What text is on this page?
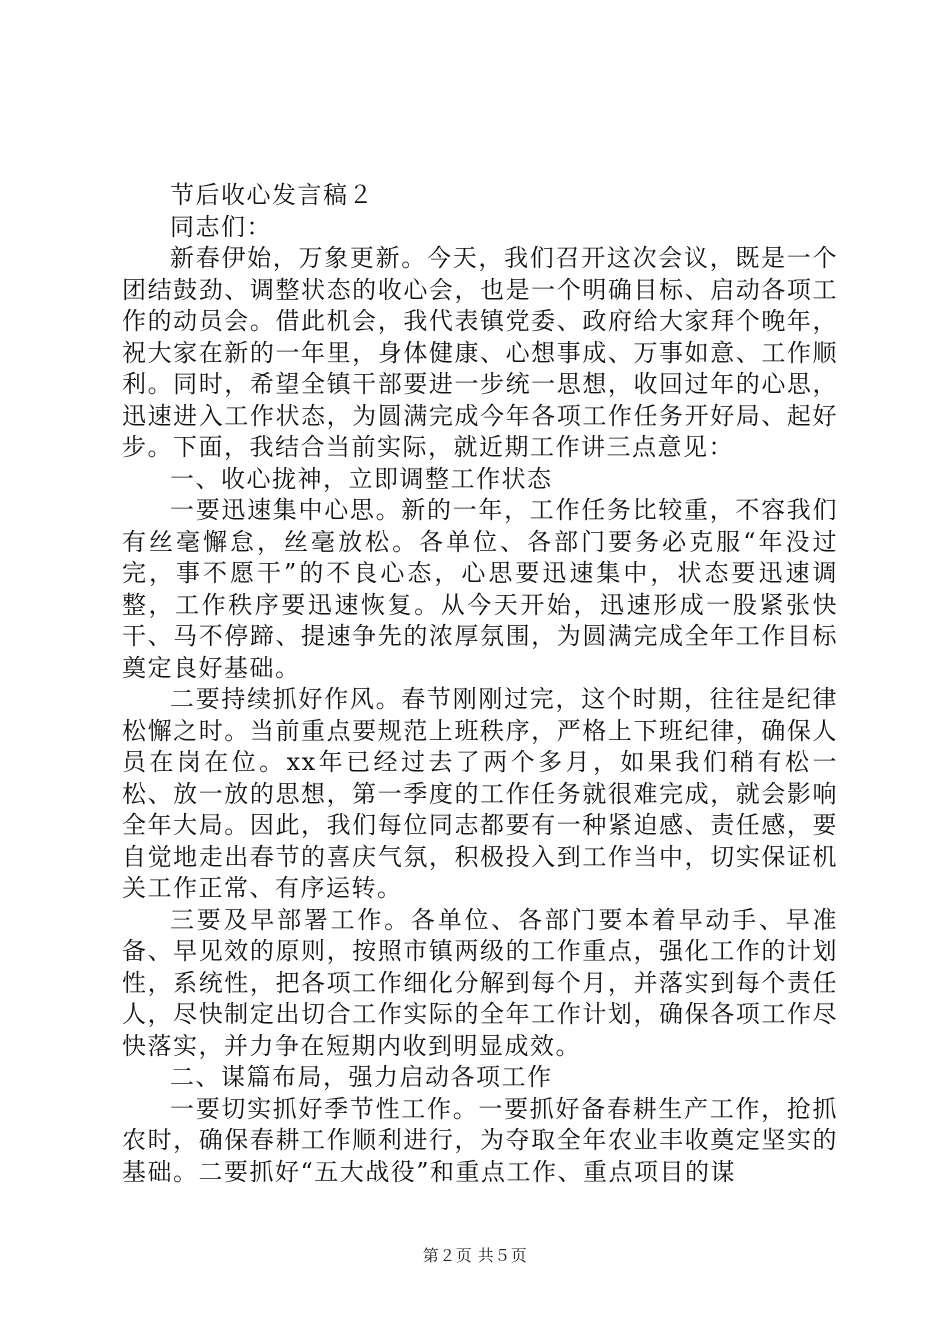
节后收心发言稿２

同志们：

新春伊始，万象更新。今天，我们召开这次会议，既是一个团结鼓劲、调整状态的收心会，也是一个明确目标、启动各项工作的动员会。借此机会，我代表镇党委、政府给大家拜个晚年，祝大家在新的一年里，身体健康、心想事成、万事如意、工作顺利。同时，希望全镇干部要进一步统一思想，收回过年的心思，迅速进入工作状态，为圆满完成今年各项工作任务开好局、起好步。下面，我结合当前实际，就近期工作讲三点意见：

一、收心拢神，立即调整工作状态

一要迅速集中心思。新的一年，工作任务比较重，不容我们有丝毫懈怠，丝毫放松。各单位、各部门要务必克服“年没过完，事不愿干”的不良心态，心思要迅速集中，状态要迅速调整，工作秩序要迅速恢复。从今天开始，迅速形成一股紧张快干、马不停蹄、提速争先的浓厚氛围，为圆满完成全年工作目标奠定良好基础。

二要持续抓好作风。春节刚刚过完，这个时期，往往是纪律松懈之时。当前重点要规范上班秩序，严格上下班纪律，确保人员在岗在位。xx年已经过去了两个多月，如果我们稍有松一松、放一放的思想，第一季度的工作任务就很难完成，就会影响全年大局。因此，我们每位同志都要有一种紧迫感、责任感，要自觉地走出春节的喜庆气氛，积极投入到工作当中，切实保证机关工作正常、有序运转。

三要及早部署工作。各单位、各部门要本着早动手、早准备、早见效的原则，按照市镇两级的工作重点，强化工作的计划性，系统性，把各项工作细化分解到每个月，并落实到每个责任人，尽快制定出切合工作实际的全年工作计划，确保各项工作尽快落实，并力争在短期内收到明显成效。

二、谋篇布局，强力启动各项工作

一要切实抓好季节性工作。一要抓好备春耕生产工作，抢抓农时，确保春耕工作顺利进行，为夺取全年农业丰收奠定坚实的基础。二要抓好“五大战役”和重点工作、重点项目的谋

第２页 共５页
